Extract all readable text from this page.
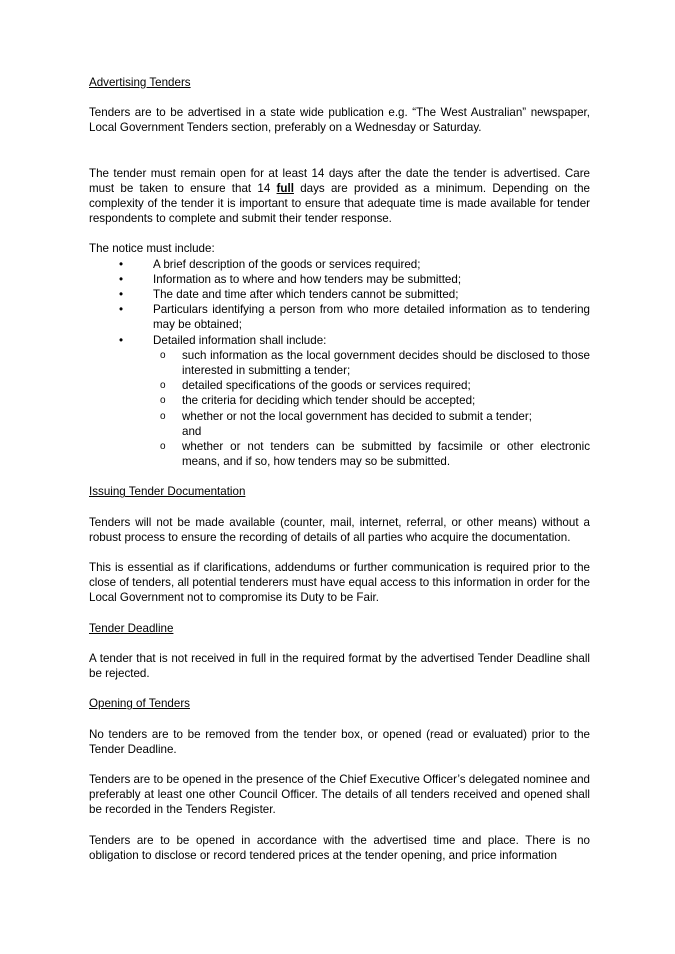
Advertising Tenders

Tenders are to be advertised in a state wide publication e.g. “The West Australian” newspaper, Local Government Tenders section, preferably on a Wednesday or Saturday.

The tender must remain open for at least 14 days after the date the tender is advertised. Care must be taken to ensure that 14 full days are provided as a minimum. Depending on the complexity of the tender it is important to ensure that adequate time is made available for tender respondents to complete and submit their tender response.

The notice must include:

•	A brief description of the goods or services required;
•	Information as to where and how tenders may be submitted;
•	The date and time after which tenders cannot be submitted;
•	Particulars identifying a person from who more detailed information as to tendering may be obtained;
•	Detailed information shall include:
o such information as the local government decides should be disclosed to those interested in submitting a tender;
o detailed specifications of the goods or services required;
o the criteria for deciding which tender should be accepted;
o whether or not the local government has decided to submit a tender;
and
o whether or not tenders can be submitted by facsimile or other electronic means, and if so, how tenders may so be submitted.

Issuing Tender Documentation

Tenders will not be made available (counter, mail, internet, referral, or other means) without a robust process to ensure the recording of details of all parties who acquire the documentation.

This is essential as if clarifications, addendums or further communication is required prior to the close of tenders, all potential tenderers must have equal access to this information in order for the Local Government not to compromise its Duty to be Fair.

Tender Deadline

A tender that is not received in full in the required format by the advertised Tender Deadline shall be rejected.

Opening of Tenders

No tenders are to be removed from the tender box, or opened (read or evaluated) prior to the Tender Deadline.

Tenders are to be opened in the presence of the Chief Executive Officer’s delegated nominee and preferably at least one other Council Officer. The details of all tenders received and opened shall be recorded in the Tenders Register.

Tenders are to be opened in accordance with the advertised time and place. There is no obligation to disclose or record tendered prices at the tender opening, and price information
